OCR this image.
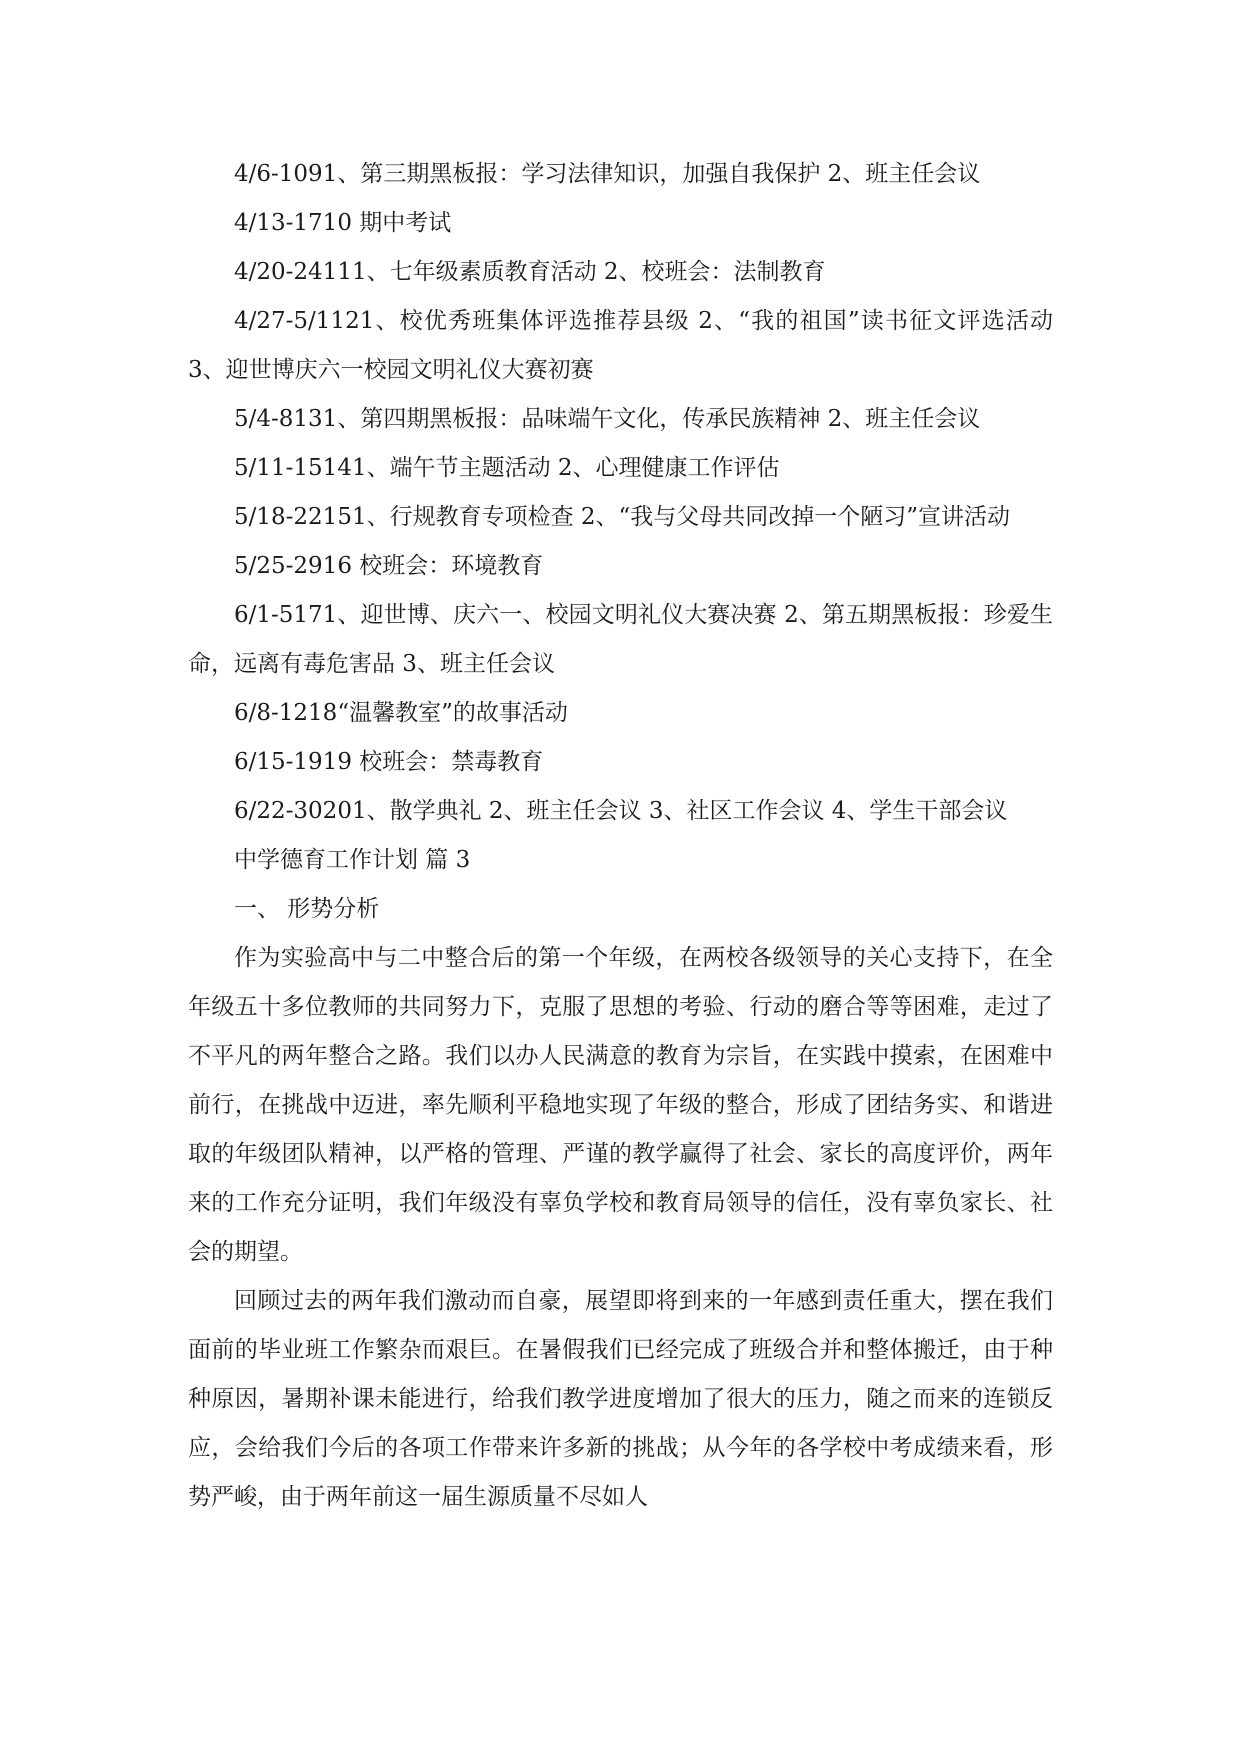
4/6-1091、第三期黑板报：学习法律知识，加强自我保护 2、班主任会议

4/13-1710 期中考试

4/20-24111、七年级素质教育活动 2、校班会：法制教育

4/27-5/1121、校优秀班集体评选推荐县级 2、“我的祖国”读书征文评选活动 3、迎世博庆六一校园文明礼仪大赛初赛

5/4-8131、第四期黑板报：品味端午文化，传承民族精神 2、班主任会议

5/11-15141、端午节主题活动 2、心理健康工作评估

5/18-22151、行规教育专项检查 2、“我与父母共同改掉一个陋习”宣讲活动

5/25-2916 校班会：环境教育

6/1-5171、迎世博、庆六一、校园文明礼仪大赛决赛 2、第五期黑板报：珍爱生命，远离有毒危害品 3、班主任会议

6/8-1218“温馨教室”的故事活动

6/15-1919 校班会：禁毒教育

6/22-30201、散学典礼 2、班主任会议 3、社区工作会议 4、学生干部会议

中学德育工作计划 篇 3

一、 形势分析

作为实验高中与二中整合后的第一个年级，在两校各级领导的关心支持下，在全年级五十多位教师的共同努力下，克服了思想的考验、行动的磨合等等困难，走过了不平凡的两年整合之路。我们以办人民满意的教育为宗旨，在实践中摸索，在困难中前行，在挑战中迈进，率先顺利平稳地实现了年级的整合，形成了团结务实、和谐进取的年级团队精神，以严格的管理、严谨的教学赢得了社会、家长的高度评价，两年来的工作充分证明，我们年级没有辜负学校和教育局领导的信任，没有辜负家长、社会的期望。

回顾过去的两年我们激动而自豪，展望即将到来的一年感到责任重大，摆在我们面前的毕业班工作繁杂而艰巨。在暑假我们已经完成了班级合并和整体搬迁，由于种种原因，暑期补课未能进行，给我们教学进度增加了很大的压力，随之而来的连锁反应，会给我们今后的各项工作带来许多新的挑战；从今年的各学校中考成绩来看，形势严峻，由于两年前这一届生源质量不尽如人
